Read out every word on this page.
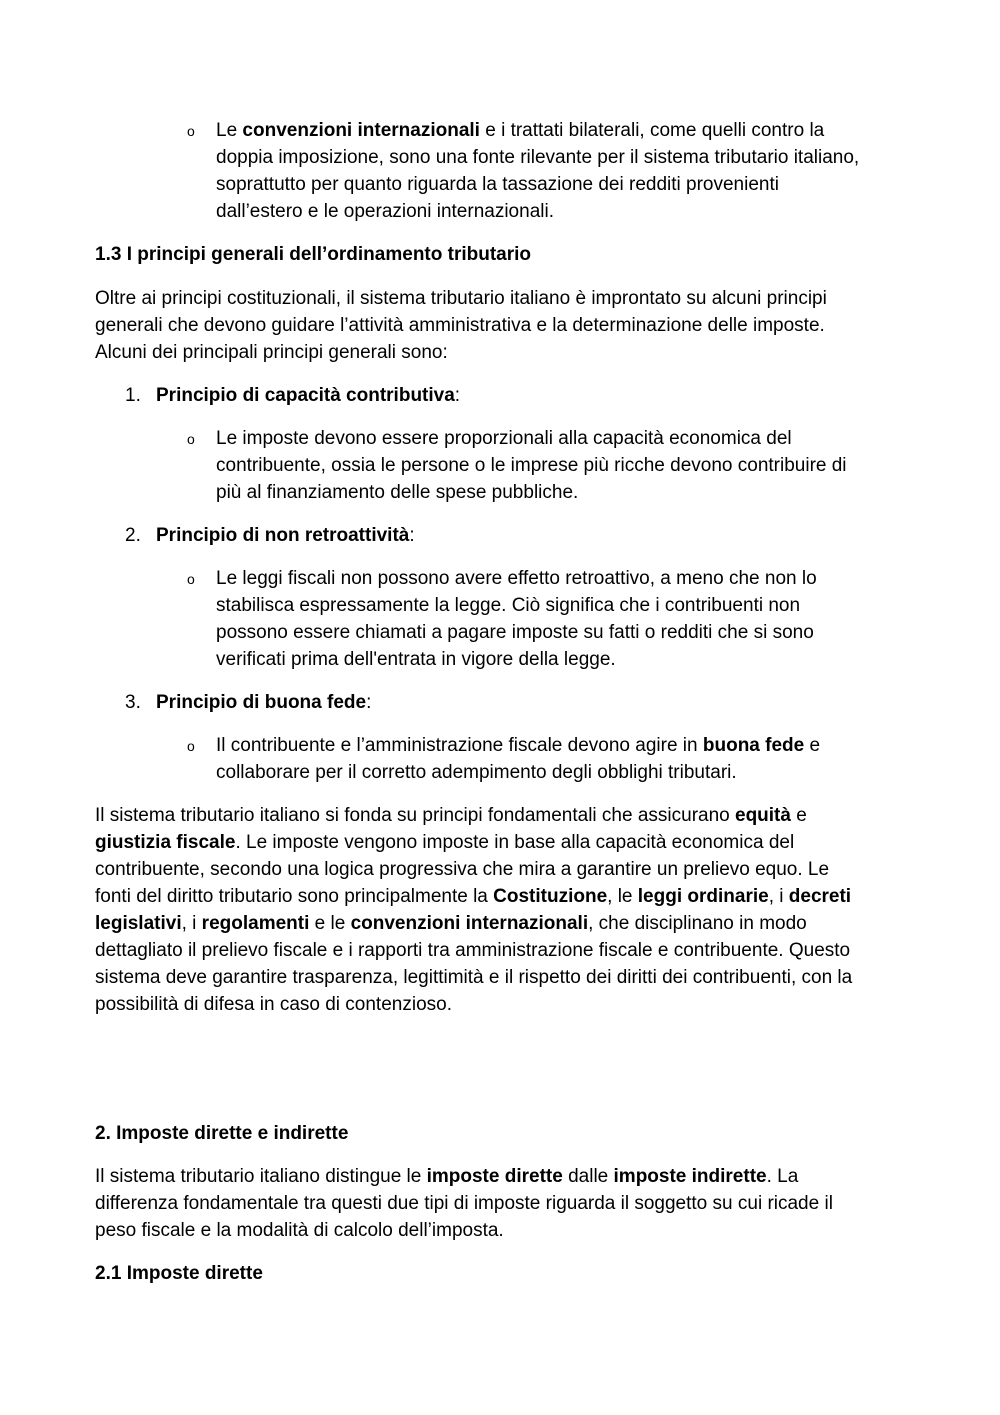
o Le convenzioni internazionali e i trattati bilaterali, come quelli contro la
doppia imposizione, sono una fonte rilevante per il sistema tributario italiano,
soprattutto per quanto riguarda la tassazione dei redditi provenienti
dall’estero e le operazioni internazionali.
1.3 I principi generali dell’ordinamento tributario
Oltre ai principi costituzionali, il sistema tributario italiano è improntato su alcuni principi
generali che devono guidare l’attività amministrativa e la determinazione delle imposte.
Alcuni dei principali principi generali sono:
1. Principio di capacità contributiva:
o Le imposte devono essere proporzionali alla capacità economica del
contribuente, ossia le persone o le imprese più ricche devono contribuire di
più al finanziamento delle spese pubbliche.
2. Principio di non retroattività:
o Le leggi fiscali non possono avere effetto retroattivo, a meno che non lo
stabilisca espressamente la legge. Ciò significa che i contribuenti non
possono essere chiamati a pagare imposte su fatti o redditi che si sono
verificati prima dell'entrata in vigore della legge.
3. Principio di buona fede:
o Il contribuente e l’amministrazione fiscale devono agire in buona fede e
collaborare per il corretto adempimento degli obblighi tributari.
Il sistema tributario italiano si fonda su principi fondamentali che assicurano equità e
giustizia fiscale. Le imposte vengono imposte in base alla capacità economica del
contribuente, secondo una logica progressiva che mira a garantire un prelievo equo. Le
fonti del diritto tributario sono principalmente la Costituzione, le leggi ordinarie, i decreti
legislativi, i regolamenti e le convenzioni internazionali, che disciplinano in modo
dettagliato il prelievo fiscale e i rapporti tra amministrazione fiscale e contribuente. Questo
sistema deve garantire trasparenza, legittimità e il rispetto dei diritti dei contribuenti, con la
possibilità di difesa in caso di contenzioso.
2. Imposte dirette e indirette
Il sistema tributario italiano distingue le imposte dirette dalle imposte indirette. La
differenza fondamentale tra questi due tipi di imposte riguarda il soggetto su cui ricade il
peso fiscale e la modalità di calcolo dell’imposta.
2.1 Imposte dirette
